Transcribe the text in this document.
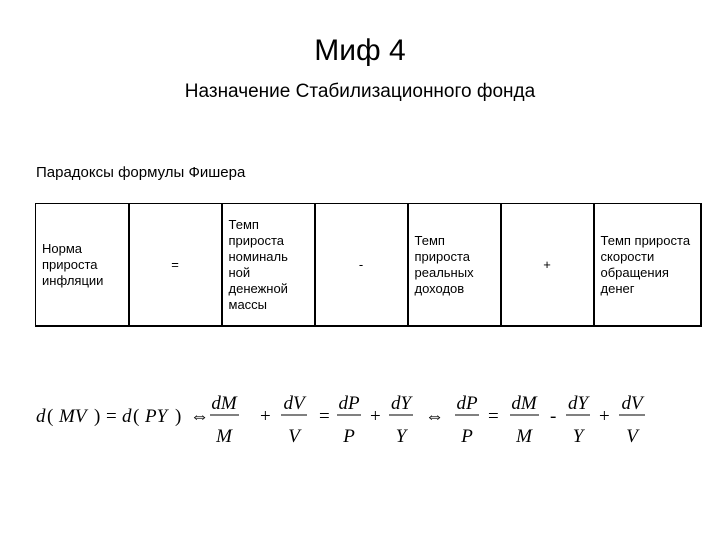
Миф 4
Назначение Стабилизационного фонда
Парадоксы формулы Фишера
Норма прироста инфляции	=	Темп прироста номиналь ной денежной массы	-	Темп прироста реальных доходов	+	Темп прироста скорости обращения денег
d ( MV ) = d ( PY ) ⇔
dM
M
+
dV
V
=
dP
P
+
dY
Y
⇔
dP
P
=
dM
M
-
dY
Y
+
dV
V
